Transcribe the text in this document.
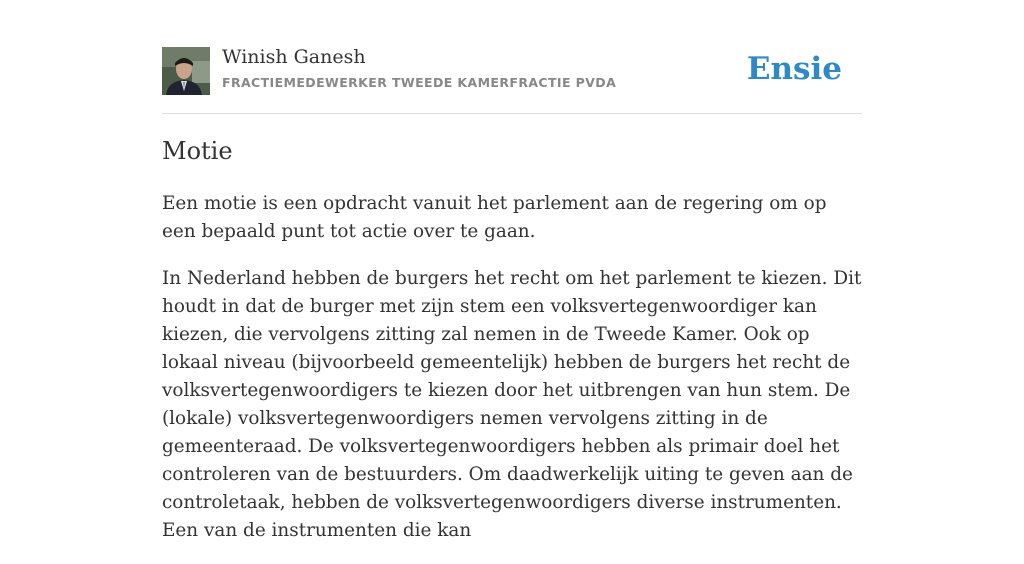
Winish Ganesh
FRACTIEMEDEWERKER TWEEDE KAMERFRACTIE PVDA	Ensie
Motie

Een motie is een opdracht vanuit het parlement aan de regering om op een bepaald punt tot actie over te gaan.

In Nederland hebben de burgers het recht om het parlement te kiezen. Dit houdt in dat de burger met zijn stem een volksvertegenwoordiger kan kiezen, die vervolgens zitting zal nemen in de Tweede Kamer. Ook op lokaal niveau (bijvoorbeeld gemeentelijk) hebben de burgers het recht de volksvertegenwoordigers te kiezen door het uitbrengen van hun stem. De (lokale) volksvertegenwoordigers nemen vervolgens zitting in de gemeenteraad. De volksvertegenwoordigers hebben als primair doel het controleren van de bestuurders. Om daadwerkelijk uiting te geven aan de controletaak, hebben de volksvertegenwoordigers diverse instrumenten. Een van de instrumenten die kan
